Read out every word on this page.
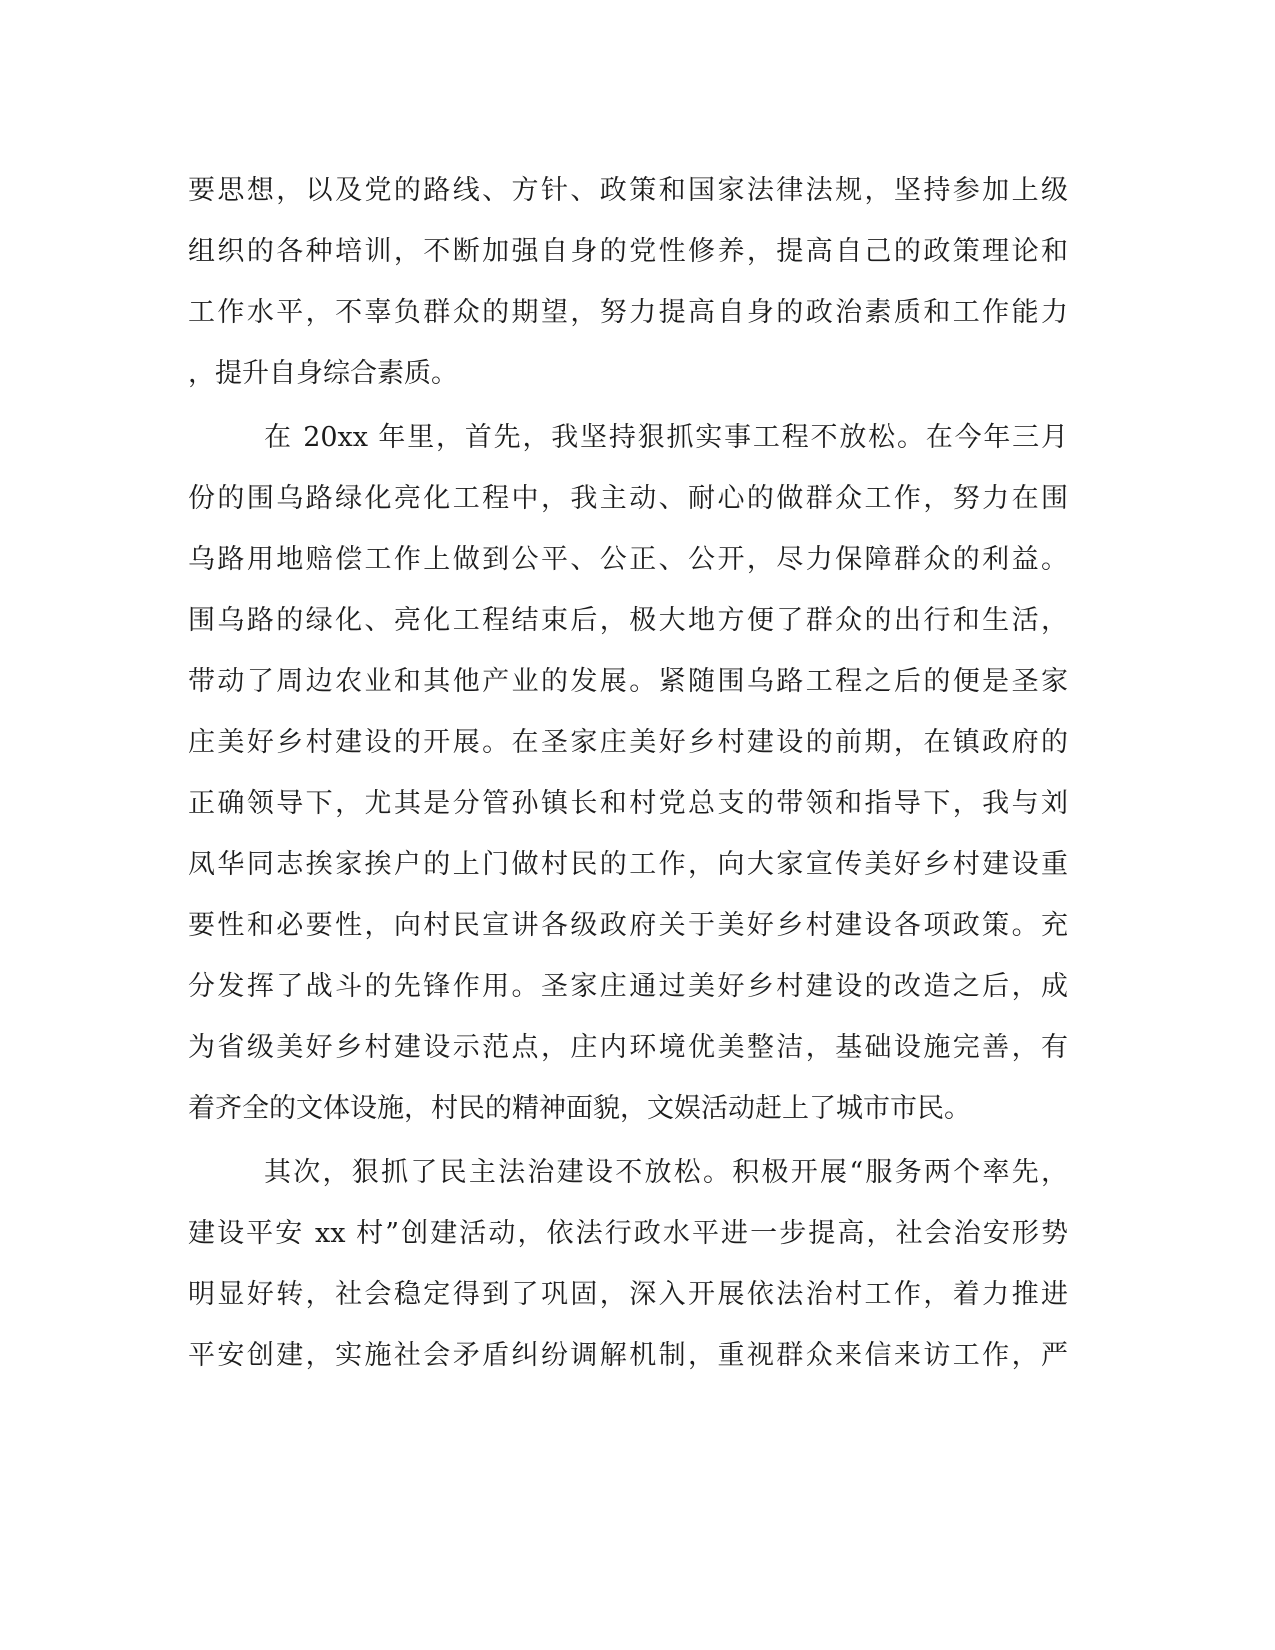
要思想，以及党的路线、方针、政策和国家法律法规，坚持参加上级
组织的各种培训，不断加强自身的党性修养，提高自己的政策理论和
工作水平，不辜负群众的期望，努力提高自身的政治素质和工作能力
，提升自身综合素质。
在 20xx 年里，首先，我坚持狠抓实事工程不放松。在今年三月
份的围乌路绿化亮化工程中，我主动、耐心的做群众工作，努力在围
乌路用地赔偿工作上做到公平、公正、公开，尽力保障群众的利益。
围乌路的绿化、亮化工程结束后，极大地方便了群众的出行和生活，
带动了周边农业和其他产业的发展。紧随围乌路工程之后的便是圣家
庄美好乡村建设的开展。在圣家庄美好乡村建设的前期，在镇政府的
正确领导下，尤其是分管孙镇长和村党总支的带领和指导下，我与刘
凤华同志挨家挨户的上门做村民的工作，向大家宣传美好乡村建设重
要性和必要性，向村民宣讲各级政府关于美好乡村建设各项政策。充
分发挥了战斗的先锋作用。圣家庄通过美好乡村建设的改造之后，成
为省级美好乡村建设示范点，庄内环境优美整洁，基础设施完善，有
着齐全的文体设施，村民的精神面貌，文娱活动赶上了城市市民。
其次，狠抓了民主法治建设不放松。积极开展“服务两个率先，
建设平安 xx 村”创建活动，依法行政水平进一步提高，社会治安形势
明显好转，社会稳定得到了巩固，深入开展依法治村工作，着力推进
平安创建，实施社会矛盾纠纷调解机制，重视群众来信来访工作，严
